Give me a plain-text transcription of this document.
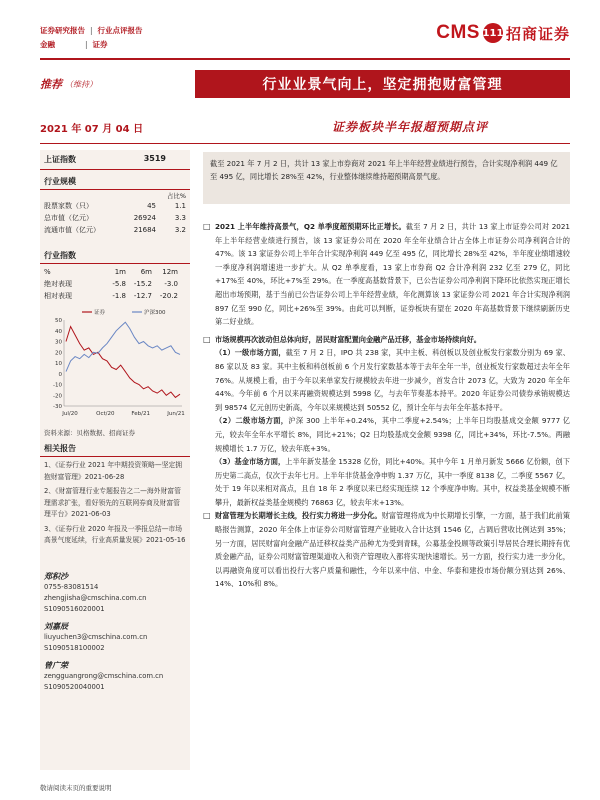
证券研究报告 | 行业点评报告
金融	| 证券
CMS 111 招商证券
推荐 （维持）	行业业景气向上，坚定拥抱财富管理
2021 年 07 月 04 日	证券板块半年报超预期点评
上证指数	3519
行业规模
占比%
股票家数（只）	45	1.1
总市值（亿元）	26924	3.3
流通市值（亿元）	21684	3.2
行业指数
%	1m	6m	12m
绝对表现	-5.8	-15.2	-3.0
相对表现	-1.8	-12.7	-20.2
50
40
30
20
10
0
-10
-20
-30
Jul/20	Oct/20	Feb/21	Jun/21
证券	沪深300
资料来源：贝格数据、招商证券
相关报告
1、《证券行业 2021 年中期投资策略—坚定拥抱财富管理》2021-06-28
2、《财富管理行业专题报告之二—海外财富管理需求扩张，看好领先的互联网券商及财富管理平台》2021-06-03
3、《证券行业 2020 年报及一季报总结—市场高景气度延续，行业高质量发展》2021-05-16
郑积沙
0755-83081514
zhengjisha@cmschina.com.cn
S1090516020001
刘嘉辰
liuyuchen3@cmschina.com.cn
S1090518100002
曾广荣
zengguangrong@cmschina.com.cn
S1090520040001
截至 2021 年 7 月 2 日，共计 13 家上市券商对 2021 年上半年经营业绩进行预告，合计实现净利润 449 亿至 495 亿，同比增长 28%至 42%，行业整体继续维持超预期高景气度。
□ 2021 上半年维持高景气，Q2 单季度超预期环比正增长。截至 7 月 2 日，共计 13 家上市证券公司对 2021 年上半年经营业绩进行预告，该 13 家证券公司在 2020 年全年业绩合计占全体上市证券公司净利润合计的 47%。该 13 家证券公司上半年合计实现净利润 449 亿至 495 亿，同比增长 28%至 42%，半年度业绩增速较一季度净利润增速进一步扩大。从 Q2 单季度看，13 家上市券商 Q2 合计净利润 232 亿至 279 亿，同比+17%至 40%，环比+7%至 29%。在一季度高基数背景下，已公告证券公司净利润下降环比依然实现正增长超出市场预期，基于当前已公告证券公司上半年经营业绩，年化测算该 13 家证券公司 2021 年合计实现净利润 897 亿至 990 亿，同比+26%至 39%。由此可以判断，证券板块有望在 2020 年高基数背景下继续刷新历史第二好业绩。
□ 市场规模再次波动但总体向好，居民财富配置向金融产品迁移，基金市场持续向好。
（1）一级市场方面，截至 7 月 2 日，IPO 共 238 家，其中主板、科创板以及创业板发行家数分别为 69 家、86 家以及 83 家。其中主板和科创板前 6 个月发行家数基本等于去年全年一半，创业板发行家数超过去年全年 76%。从规模上看，由于今年以来单家发行规模较去年进一步减少，首发合计 2073 亿，大致为 2020 年全年 44%。今年前 6 个月以来再融资规模达到 5998 亿，与去年节奏基本持平。2020 年证券公司债券承销规模达到 98574 亿元创历史新高，今年以来规模达到 50552 亿，预计全年与去年全年基本持平。
（2）二级市场方面，沪深 300 上半年+0.24%，其中二季度+2.54%；上半年日均股基成交金额 9777 亿元，较去年全年水平增长 8%，同比+21%；Q2 日均股基成交金额 9398 亿，同比+34%，环比-7.5%。两融规模增长 1.7 万亿，较去年底+3%。
（3）基金市场方面，上半年新发基金 15328 亿份，同比+40%。其中今年 1 月单月新发 5666 亿份额，创下历史第二高点，仅次于去年七月。上半年非货基金净申购 1.37 万亿，其中一季度 8138 亿，二季度 5567 亿，处于 19 年以来相对高点，且自 18 年 2 季度以来已经实现连续 12 个季度净申购。其中，权益类基金规模不断攀升，最新权益类基金规模约 76863 亿，较去年末+13%。
□ 财富管理为长期增长主线，投行实力将进一步分化。财富管理将成为中长期增长引擎，一方面，基于我们此前策略报告测算，2020 年全体上市证券公司财富管理产业链收入合计达到 1546 亿，占调后营收比例达到 35%；另一方面，居民财富向金融产品迁移权益类产品种尤为受到青睐，公募基金投顾等政策引导居民合理长期持有优质金融产品，证券公司财富管理渠道收入和资产管理收入都将实现快速增长。另一方面，投行实力进一步分化，以再融资角度可以看出投行大客户质量和融性，今年以来中信、中金、华泰和建投市场份额分别达到 26%、14%、10%和 8%。
敬请阅读末页的重要说明
